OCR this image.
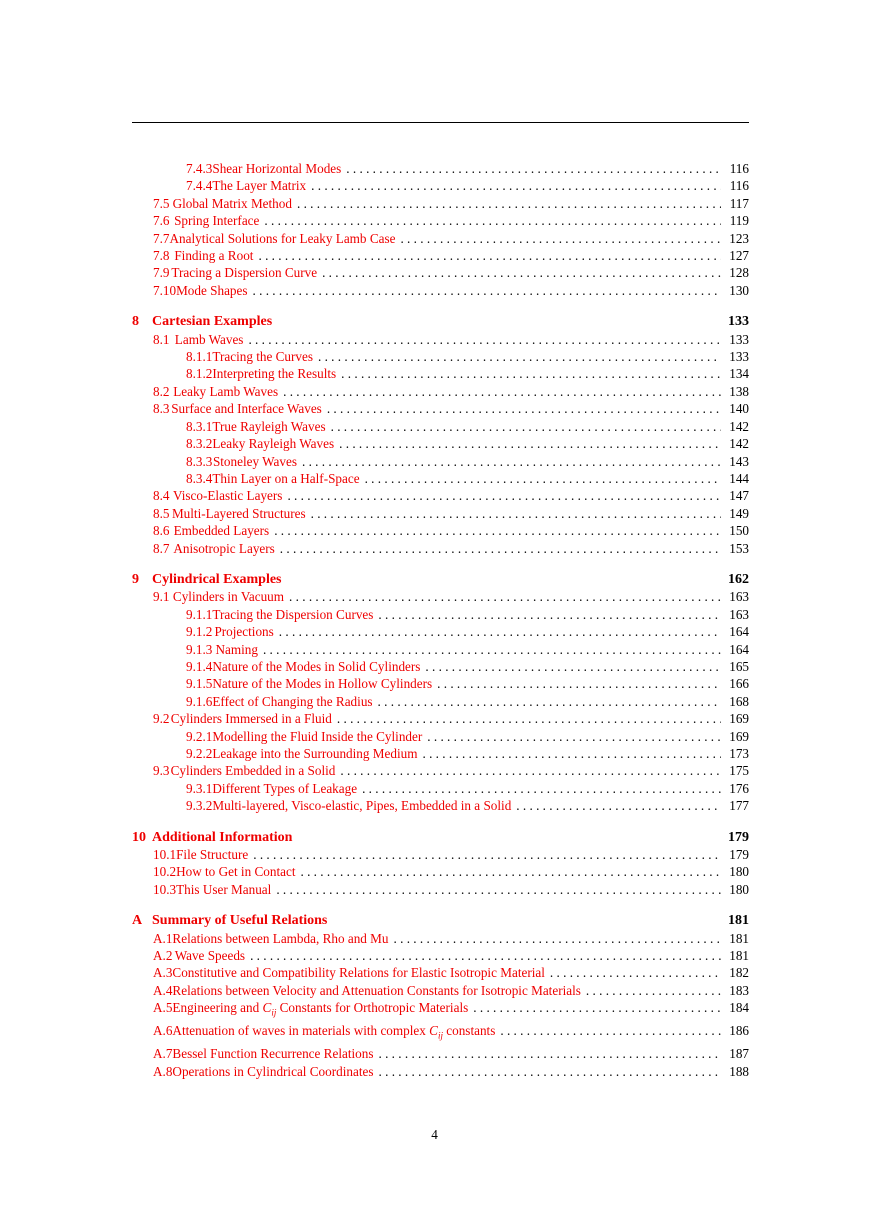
7.4.3 Shear Horizontal Modes . . .	116
7.4.4 The Layer Matrix . . .	116
7.5 Global Matrix Method . . .	117
7.6 Spring Interface . . .	119
7.7 Analytical Solutions for Leaky Lamb Case . . .	123
7.8 Finding a Root . . .	127
7.9 Tracing a Dispersion Curve . . .	128
7.10 Mode Shapes . . .	130
8 Cartesian Examples	133
8.1 Lamb Waves . . .	133
8.1.1 Tracing the Curves . . .	133
8.1.2 Interpreting the Results . . .	134
8.2 Leaky Lamb Waves . . .	138
8.3 Surface and Interface Waves . . .	140
8.3.1 True Rayleigh Waves . . .	142
8.3.2 Leaky Rayleigh Waves . . .	142
8.3.3 Stoneley Waves . . .	143
8.3.4 Thin Layer on a Half-Space . . .	144
8.4 Visco-Elastic Layers . . .	147
8.5 Multi-Layered Structures . . .	149
8.6 Embedded Layers . . .	150
8.7 Anisotropic Layers . . .	153
9 Cylindrical Examples	162
9.1 Cylinders in Vacuum . . .	163
9.1.1 Tracing the Dispersion Curves . . .	163
9.1.2 Projections . . .	164
9.1.3 Naming . . .	164
9.1.4 Nature of the Modes in Solid Cylinders . . .	165
9.1.5 Nature of the Modes in Hollow Cylinders . . .	166
9.1.6 Effect of Changing the Radius . . .	168
9.2 Cylinders Immersed in a Fluid . . .	169
9.2.1 Modelling the Fluid Inside the Cylinder . . .	169
9.2.2 Leakage into the Surrounding Medium . . .	173
9.3 Cylinders Embedded in a Solid . . .	175
9.3.1 Different Types of Leakage . . .	176
9.3.2 Multi-layered, Visco-elastic, Pipes, Embedded in a Solid . . .	177
10 Additional Information	179
10.1 File Structure . . .	179
10.2 How to Get in Contact . . .	180
10.3 This User Manual . . .	180
A Summary of Useful Relations	181
A.1 Relations between Lambda, Rho and Mu . . .	181
A.2 Wave Speeds . . .	181
A.3 Constitutive and Compatibility Relations for Elastic Isotropic Material . . .	182
A.4 Relations between Velocity and Attenuation Constants for Isotropic Materials . . .	183
A.5 Engineering and $C_{ij}$ Constants for Orthotropic Materials . . .	184
A.6 Attenuation of waves in materials with complex $C_{ij}$ constants . . .	186
A.7 Bessel Function Recurrence Relations . . .	187
A.8 Operations in Cylindrical Coordinates . . .	188
4
